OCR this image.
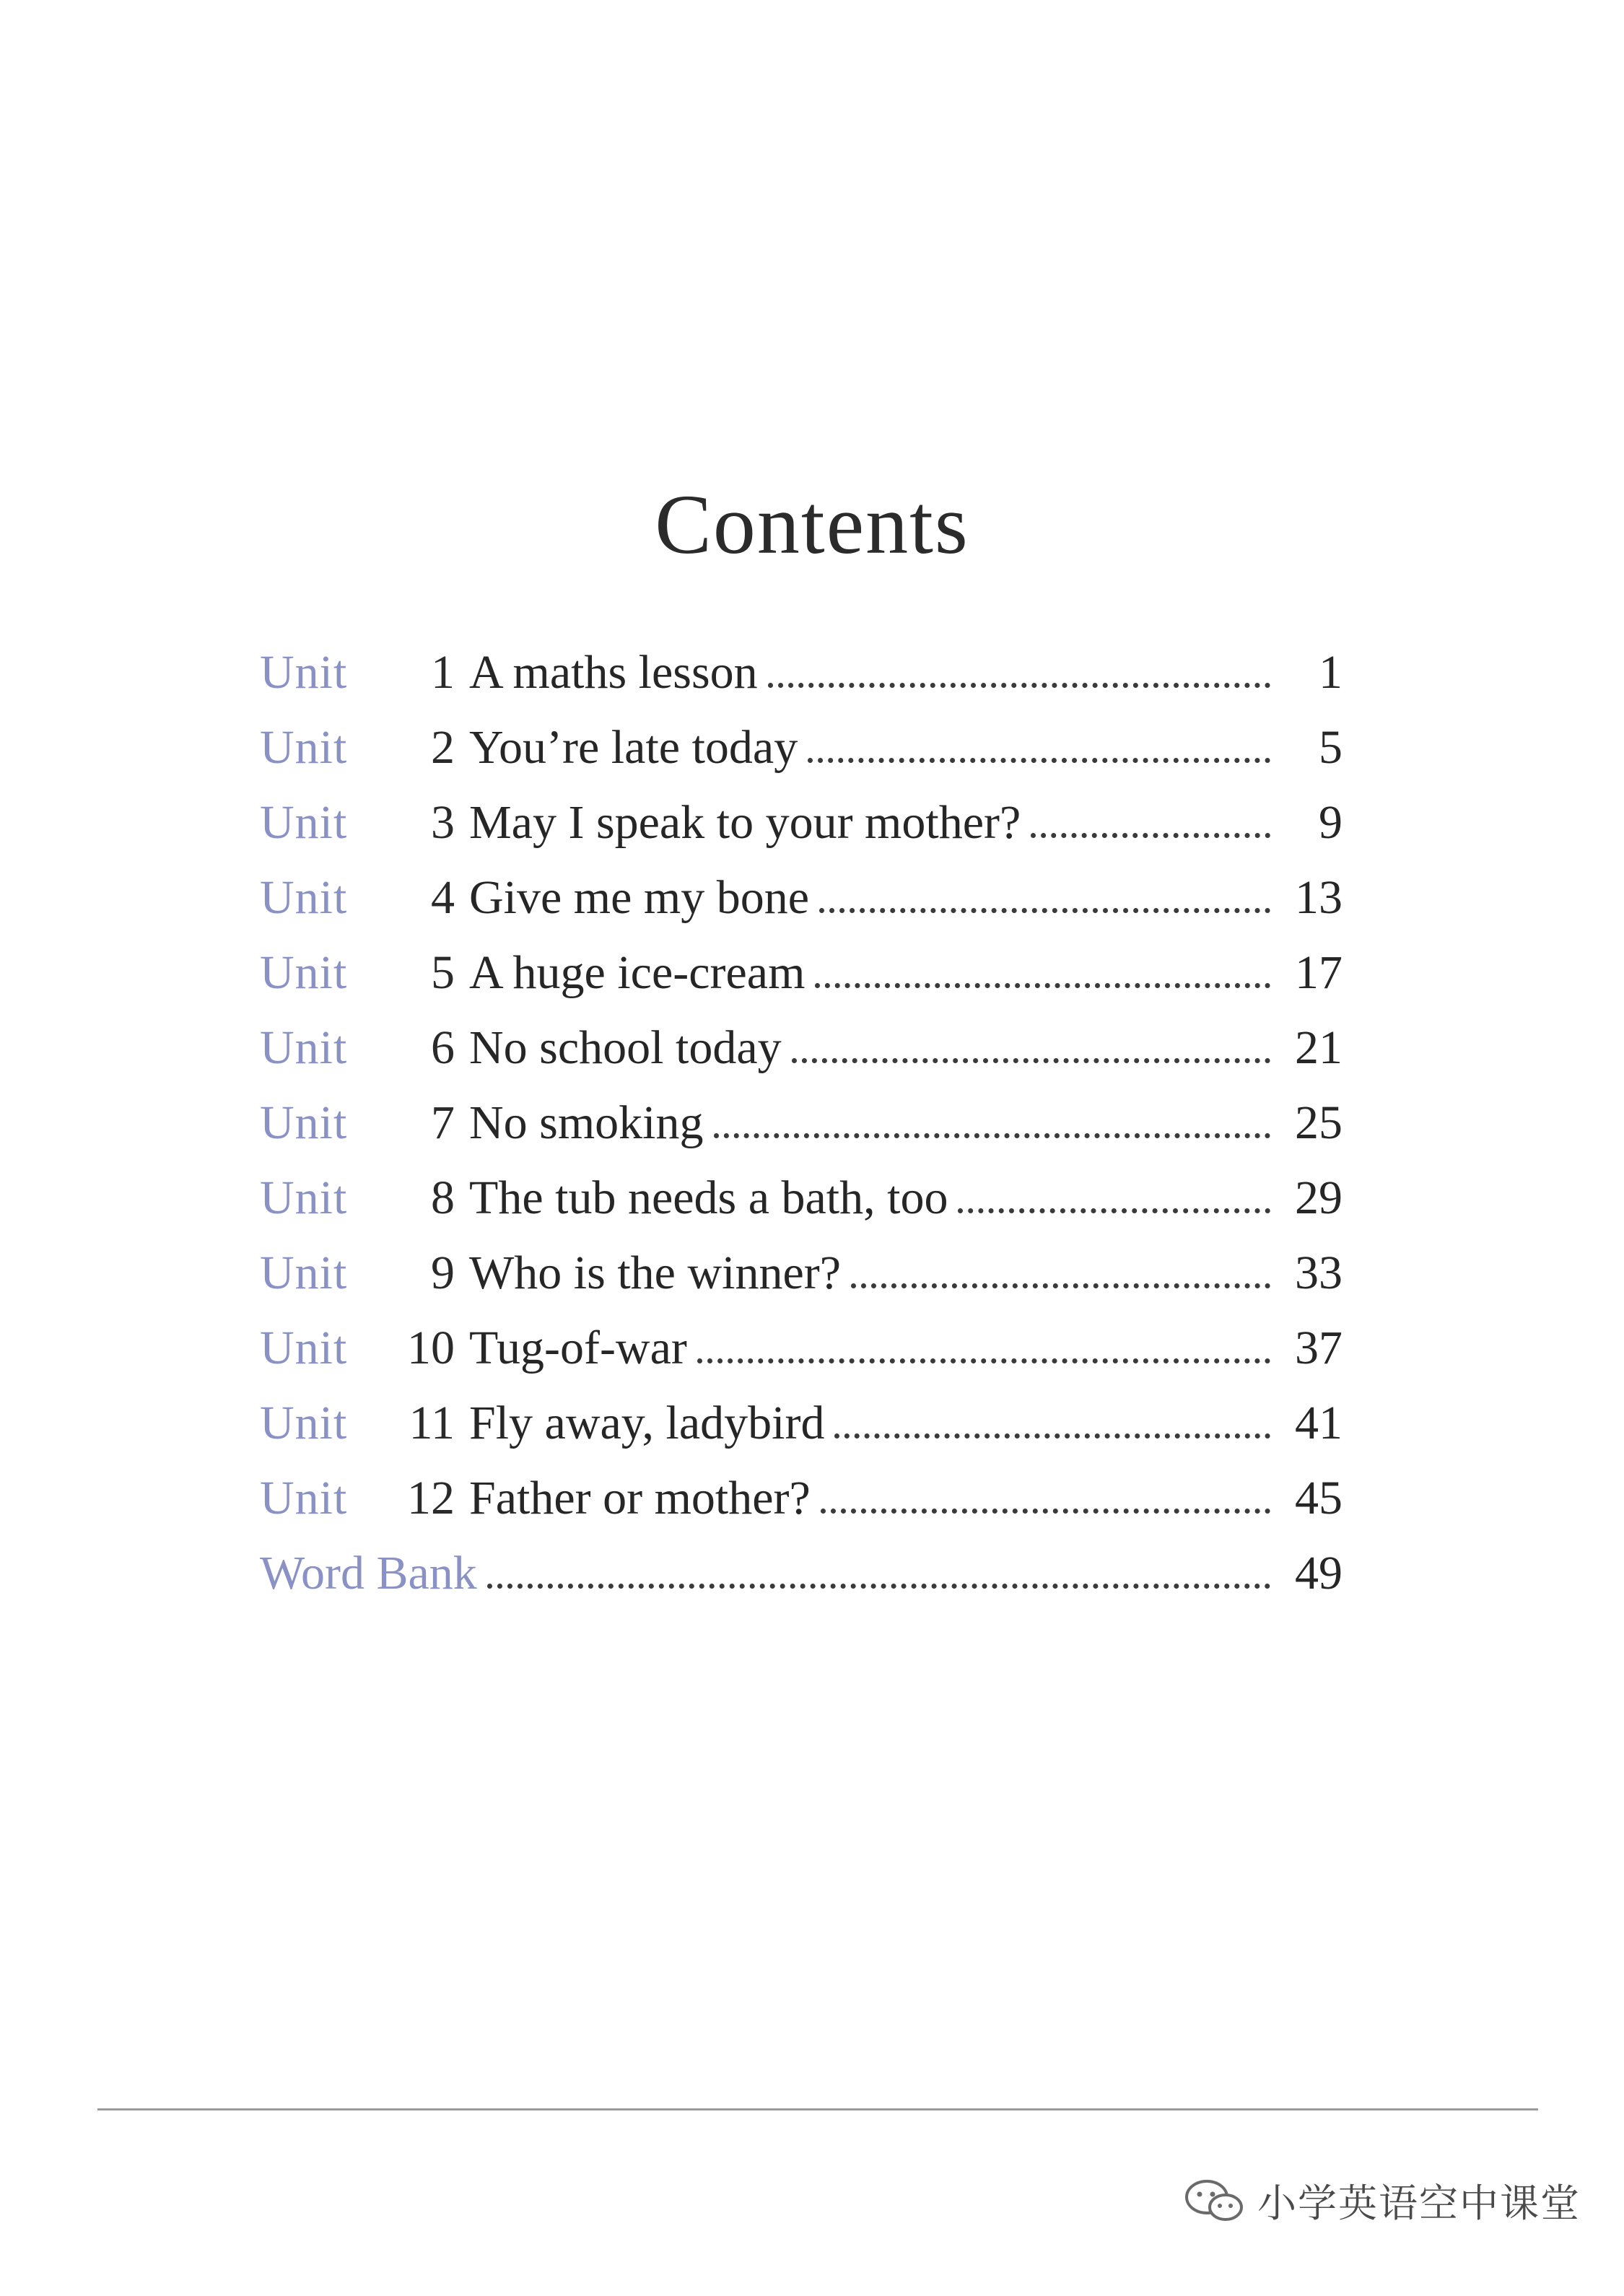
Contents
Unit	1 A maths lesson	1
Unit	2 You’re late today	5
Unit	3 May I speak to your mother?	9
Unit	4 Give me my bone	13
Unit	5 A huge ice-cream	17
Unit	6 No school today	21
Unit	7 No smoking	25
Unit	8 The tub needs a bath, too	29
Unit	9 Who is the winner?	33
Unit	10 Tug-of-war	37
Unit	11 Fly away, ladybird	41
Unit	12 Father or mother?	45
Word Bank	49
小学英语空中课堂
